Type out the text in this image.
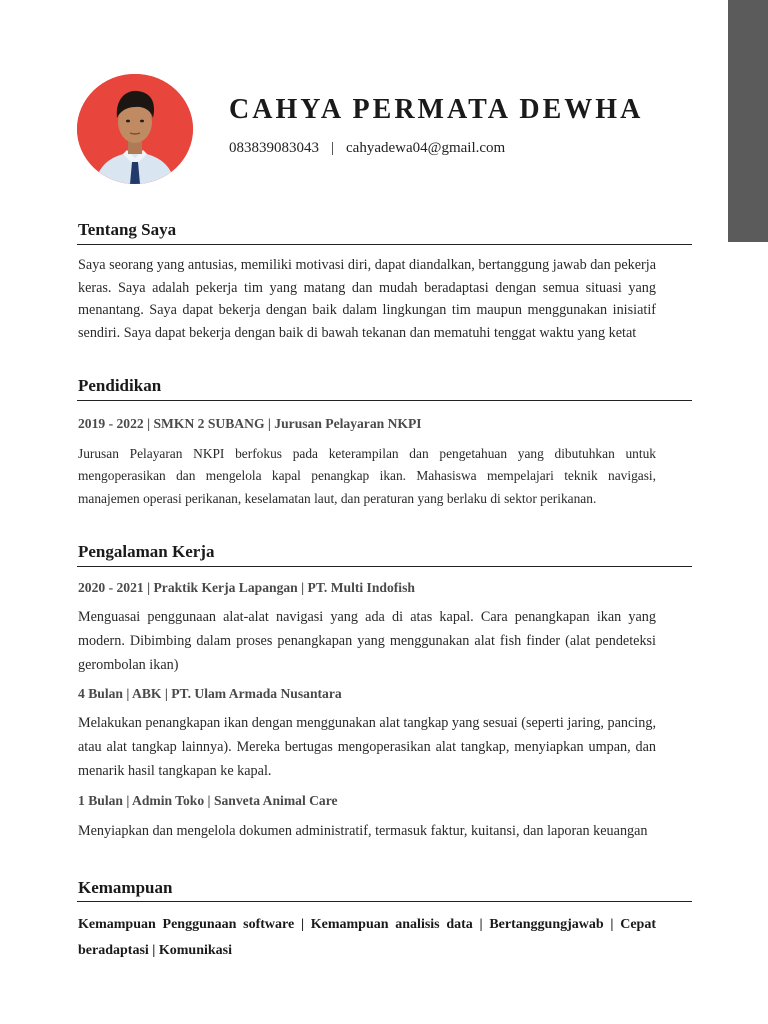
CAHYA PERMATA DEWHA
083839083043 | cahyadewa04@gmail.com
Tentang Saya
Saya seorang yang antusias, memiliki motivasi diri, dapat diandalkan, bertanggung jawab dan pekerja keras. Saya adalah pekerja tim yang matang dan mudah beradaptasi dengan semua situasi yang menantang. Saya dapat bekerja dengan baik dalam lingkungan tim maupun menggunakan inisiatif sendiri. Saya dapat bekerja dengan baik di bawah tekanan dan mematuhi tenggat waktu yang ketat
Pendidikan
2019 - 2022 | SMKN 2 SUBANG | Jurusan Pelayaran NKPI
Jurusan Pelayaran NKPI berfokus pada keterampilan dan pengetahuan yang dibutuhkan untuk mengoperasikan dan mengelola kapal penangkap ikan. Mahasiswa mempelajari teknik navigasi, manajemen operasi perikanan, keselamatan laut, dan peraturan yang berlaku di sektor perikanan.
Pengalaman Kerja
2020 - 2021 | Praktik Kerja Lapangan | PT. Multi Indofish
Menguasai penggunaan alat-alat navigasi yang ada di atas kapal. Cara penangkapan ikan yang modern. Dibimbing dalam proses penangkapan yang menggunakan alat fish finder (alat pendeteksi gerombolan ikan)
4 Bulan | ABK | PT. Ulam Armada Nusantara
Melakukan penangkapan ikan dengan menggunakan alat tangkap yang sesuai (seperti jaring, pancing, atau alat tangkap lainnya). Mereka bertugas mengoperasikan alat tangkap, menyiapkan umpan, dan menarik hasil tangkapan ke kapal.
1 Bulan | Admin Toko | Sanveta Animal Care
Menyiapkan dan mengelola dokumen administratif, termasuk faktur, kuitansi, dan laporan keuangan
Kemampuan
Kemampuan Penggunaan software | Kemampuan analisis data | Bertanggungjawab | Cepat beradaptasi | Komunikasi
